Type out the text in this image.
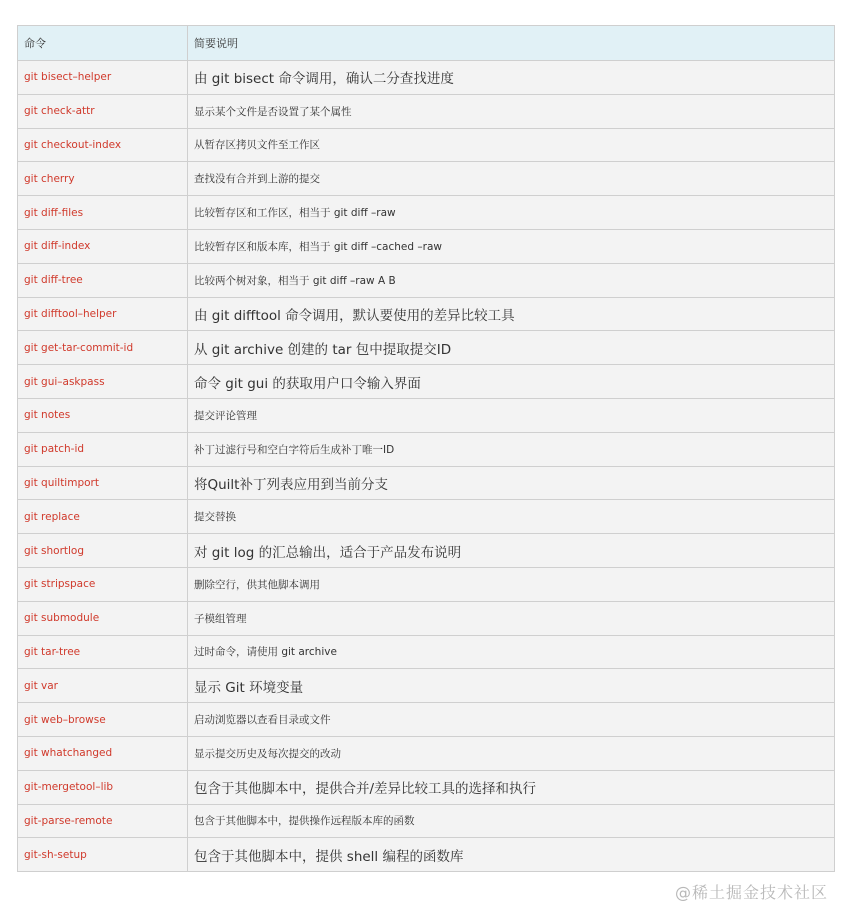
命令	简要说明
git bisect–helper	由 git bisect 命令调用，确认二分查找进度
git check-attr	显示某个文件是否设置了某个属性
git checkout-index	从暂存区拷贝文件至工作区
git cherry	查找没有合并到上游的提交
git diff-files	比较暂存区和工作区，相当于 git diff –raw
git diff-index	比较暂存区和版本库，相当于 git diff –cached –raw
git diff-tree	比较两个树对象，相当于 git diff –raw A B
git difftool–helper	由 git difftool 命令调用，默认要使用的差异比较工具
git get-tar-commit-id	从 git archive 创建的 tar 包中提取提交ID
git gui–askpass	命令 git gui 的获取用户口令输入界面
git notes	提交评论管理
git patch-id	补丁过滤行号和空白字符后生成补丁唯一ID
git quiltimport	将Quilt补丁列表应用到当前分支
git replace	提交替换
git shortlog	对 git log 的汇总输出，适合于产品发布说明
git stripspace	删除空行，供其他脚本调用
git submodule	子模组管理
git tar-tree	过时命令，请使用 git archive
git var	显示 Git 环境变量
git web–browse	启动浏览器以查看目录或文件
git whatchanged	显示提交历史及每次提交的改动
git-mergetool–lib	包含于其他脚本中，提供合并/差异比较工具的选择和执行
git-parse-remote	包含于其他脚本中，提供操作远程版本库的函数
git-sh-setup	包含于其他脚本中，提供 shell 编程的函数库
@稀土掘金技术社区
